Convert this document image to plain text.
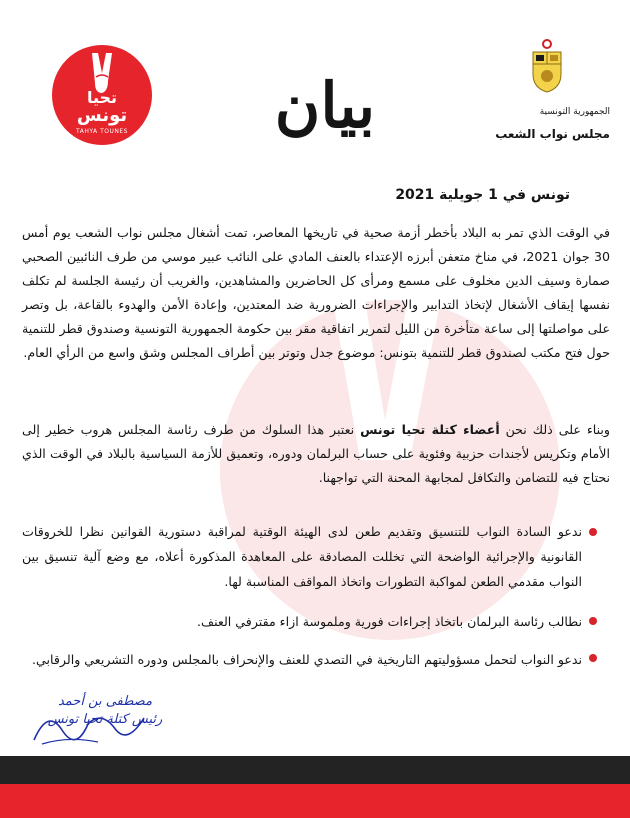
تحيا
تونس
TAHYA TOUNES	بيان	الجمهورية التونسية
مجلس نواب الشعب
تونس في 1 جويلية 2021
في الوقت الذي تمر به البلاد بأخطر أزمة صحية في تاريخها المعاصر، تمت أشغال مجلس نواب الشعب يوم أمس 30 جوان 2021، في مناخ متعفن أبرزه الإعتداء بالعنف المادي على النائب عبير موسي من طرف النائبين الصحبي صمارة وسيف الدين مخلوف على مسمع ومرأى كل الحاضرين والمشاهدين، والغريب أن رئيسة الجلسة لم تكلف نفسها إيقاف الأشغال لإتخاذ التدابير والإجراءات الضرورية ضد المعتدين، وإعادة الأمن والهدوء بالقاعة، بل وتصر على مواصلتها إلى ساعة متأخرة من الليل لتمرير اتفاقية مقر بين حكومة الجمهورية التونسية وصندوق قطر للتنمية حول فتح مكتب لصندوق قطر للتنمية بتونس: موضوع جدل وتوتر بين أطراف المجلس وشق واسع من الرأي العام.
وبناء على ذلك نحن أعضاء كتلة تحيا تونس نعتبر هذا السلوك من طرف رئاسة المجلس هروب خطير إلى الأمام وتكريس لأجندات حزبية وفئوية على حساب البرلمان ودوره، وتعميق للأزمة السياسية بالبلاد في الوقت الذي نحتاج فيه للتضامن والتكافل لمجابهة المحنة التي تواجهنا.
ندعو السادة النواب للتنسيق وتقديم طعن لدى الهيئة الوقتية لمراقبة دستورية القوانين نظرا للخروقات القانونية والإجرائية الواضحة التي تخللت المصادقة على المعاهدة المذكورة أعلاه، مع وضع آلية تنسيق بين النواب مقدمي الطعن لمواكبة التطورات واتخاذ المواقف المناسبة لها.
نطالب رئاسة البرلمان باتخاذ إجراءات فورية وملموسة ازاء مقترفي العنف.
ندعو النواب لتحمل مسؤوليتهم التاريخية في التصدي للعنف والإنحراف بالمجلس ودوره التشريعي والرقابي.
مصطفى بن أحمد
رئيس كتلة تحيا تونس
